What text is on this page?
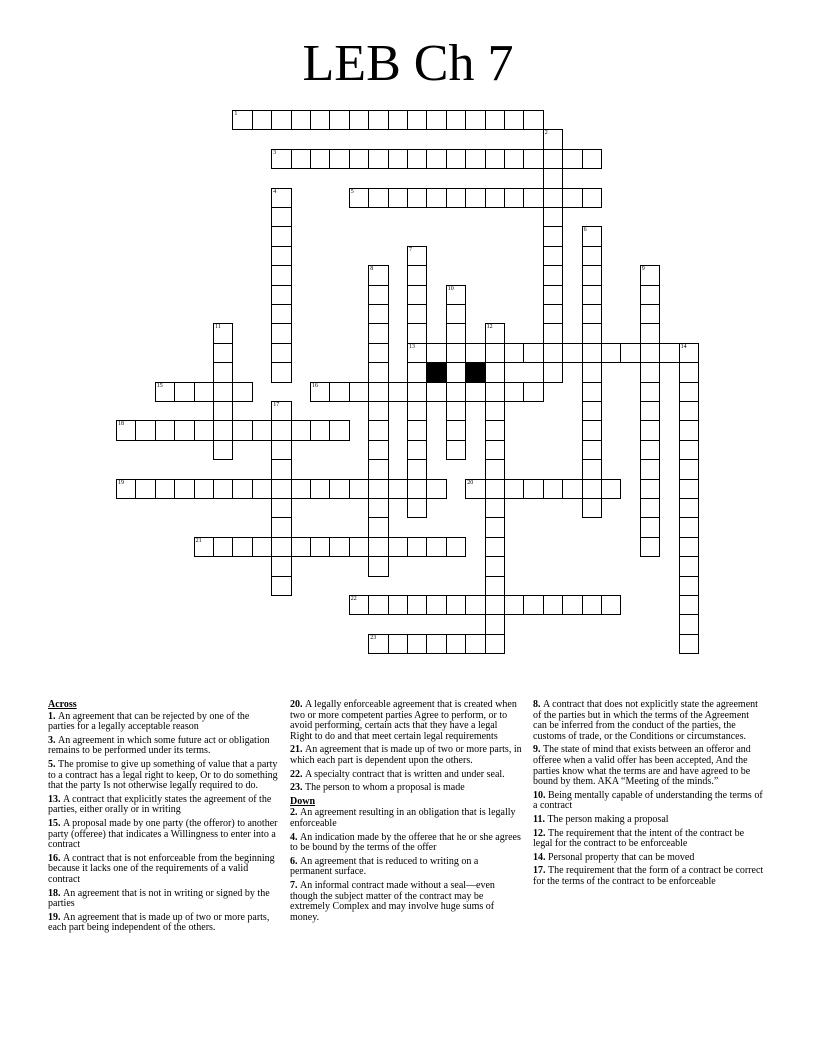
LEB Ch 7
1
3
5
13	14
15	16
18
19	20
21
22
23
2
4
6
7
8	9
10
11	12
17
Across
1. An agreement that can be rejected by one of the parties for a legally acceptable reason
3. An agreement in which some future act or obligation remains to be performed under its terms.
5. The promise to give up something of value that a party to a contract has a legal right to keep, Or to do something that the party Is not otherwise legally required to do.
13. A contract that explicitly states the agreement of the parties, either orally or in writing
15. A proposal made by one party (the offeror) to another party (offeree) that indicates a Willingness to enter into a contract
16. A contract that is not enforceable from the beginning because it lacks one of the requirements of a valid contract
18. An agreement that is not in writing or signed by the parties
19. An agreement that is made up of two or more parts, each part being independent of the others.
20. A legally enforceable agreement that is created when two or more competent parties Agree to perform, or to avoid performing, certain acts that they have a legal Right to do and that meet certain legal requirements
21. An agreement that is made up of two or more parts, in which each part is dependent upon the others.
22. A specialty contract that is written and under seal.
23. The person to whom a proposal is made
Down
2. An agreement resulting in an obligation that is legally enforceable
4. An indication made by the offeree that he or she agrees to be bound by the terms of the offer
6. An agreement that is reduced to writing on a permanent surface.
7. An informal contract made without a seal—even though the subject matter of the contract may be extremely Complex and may involve huge sums of money.
8. A contract that does not explicitly state the agreement of the parties but in which the terms of the Agreement can be inferred from the conduct of the parties, the customs of trade, or the Conditions or circumstances.
9. The state of mind that exists between an offeror and offeree when a valid offer has been accepted, And the parties know what the terms are and have agreed to be bound by them. AKA “Meeting of the minds.”
10. Being mentally capable of understanding the terms of a contract
11. The person making a proposal
12. The requirement that the intent of the contract be legal for the contract to be enforceable
14. Personal property that can be moved
17. The requirement that the form of a contract be correct for the terms of the contract to be enforceable
